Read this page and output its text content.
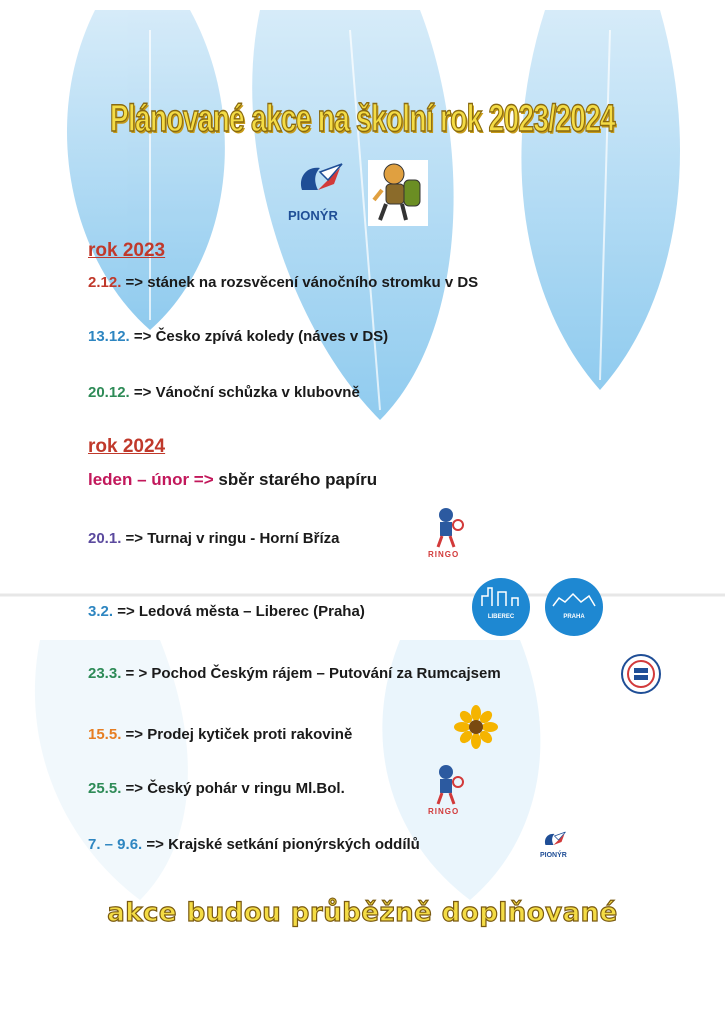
Plánované akce na školní rok 2023/2024
PIONÝR
rok 2023
2.12. => stánek na rozsvěcení vánočního stromku v DS
13.12. => Česko zpívá koledy (náves v DS)
20.12. => Vánoční schůzka v klubovně
rok 2024
leden – únor => sběr starého papíru
20.1. => Turnaj v ringu - Horní Bříza
RINGO
3.2. => Ledová města – Liberec (Praha)	LIBEREC	PRAHA
23.3. = > Pochod Českým rájem – Putování za Rumcajsem
15.5. => Prodej kytiček proti rakovině
25.5. => Český pohár v ringu Ml.Bol.
RINGO
7. – 9.6. => Krajské setkání pionýrských oddílů
PIONÝR
akce budou průběžně doplňované
